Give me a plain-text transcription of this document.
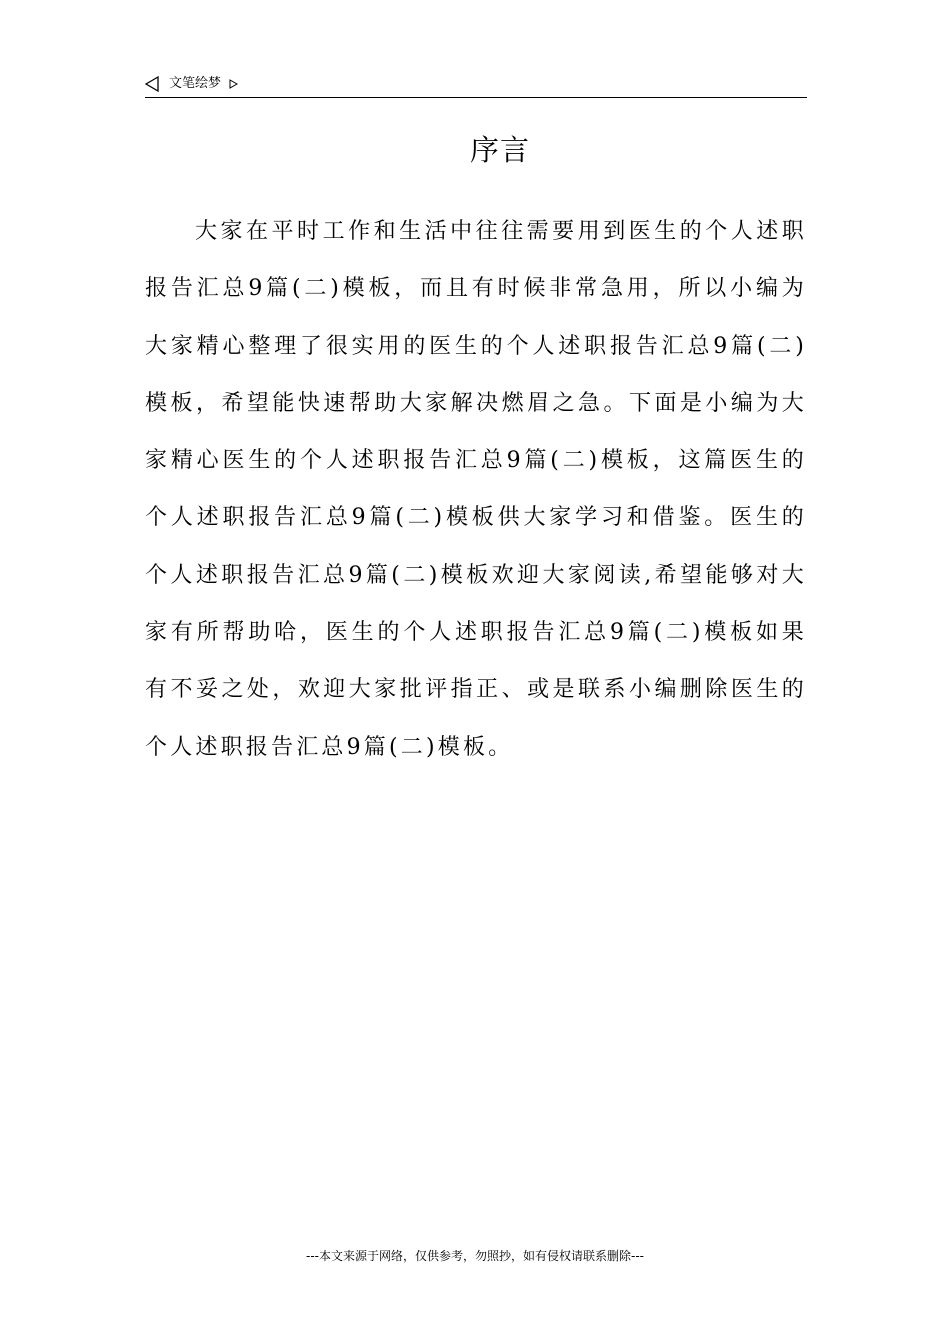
文笔绘梦
序言

大家在平时工作和生活中往往需要用到医生的个人述职报告汇总9篇(二)模板，而且有时候非常急用，所以小编为大家精心整理了很实用的医生的个人述职报告汇总9篇(二)模板，希望能快速帮助大家解决燃眉之急。下面是小编为大家精心医生的个人述职报告汇总9篇(二)模板，这篇医生的个人述职报告汇总9篇(二)模板供大家学习和借鉴。医生的个人述职报告汇总9篇(二)模板欢迎大家阅读,希望能够对大家有所帮助哈，医生的个人述职报告汇总9篇(二)模板如果有不妥之处，欢迎大家批评指正、或是联系小编删除医生的个人述职报告汇总9篇(二)模板。

---本文来源于网络，仅供参考，勿照抄，如有侵权请联系删除---
